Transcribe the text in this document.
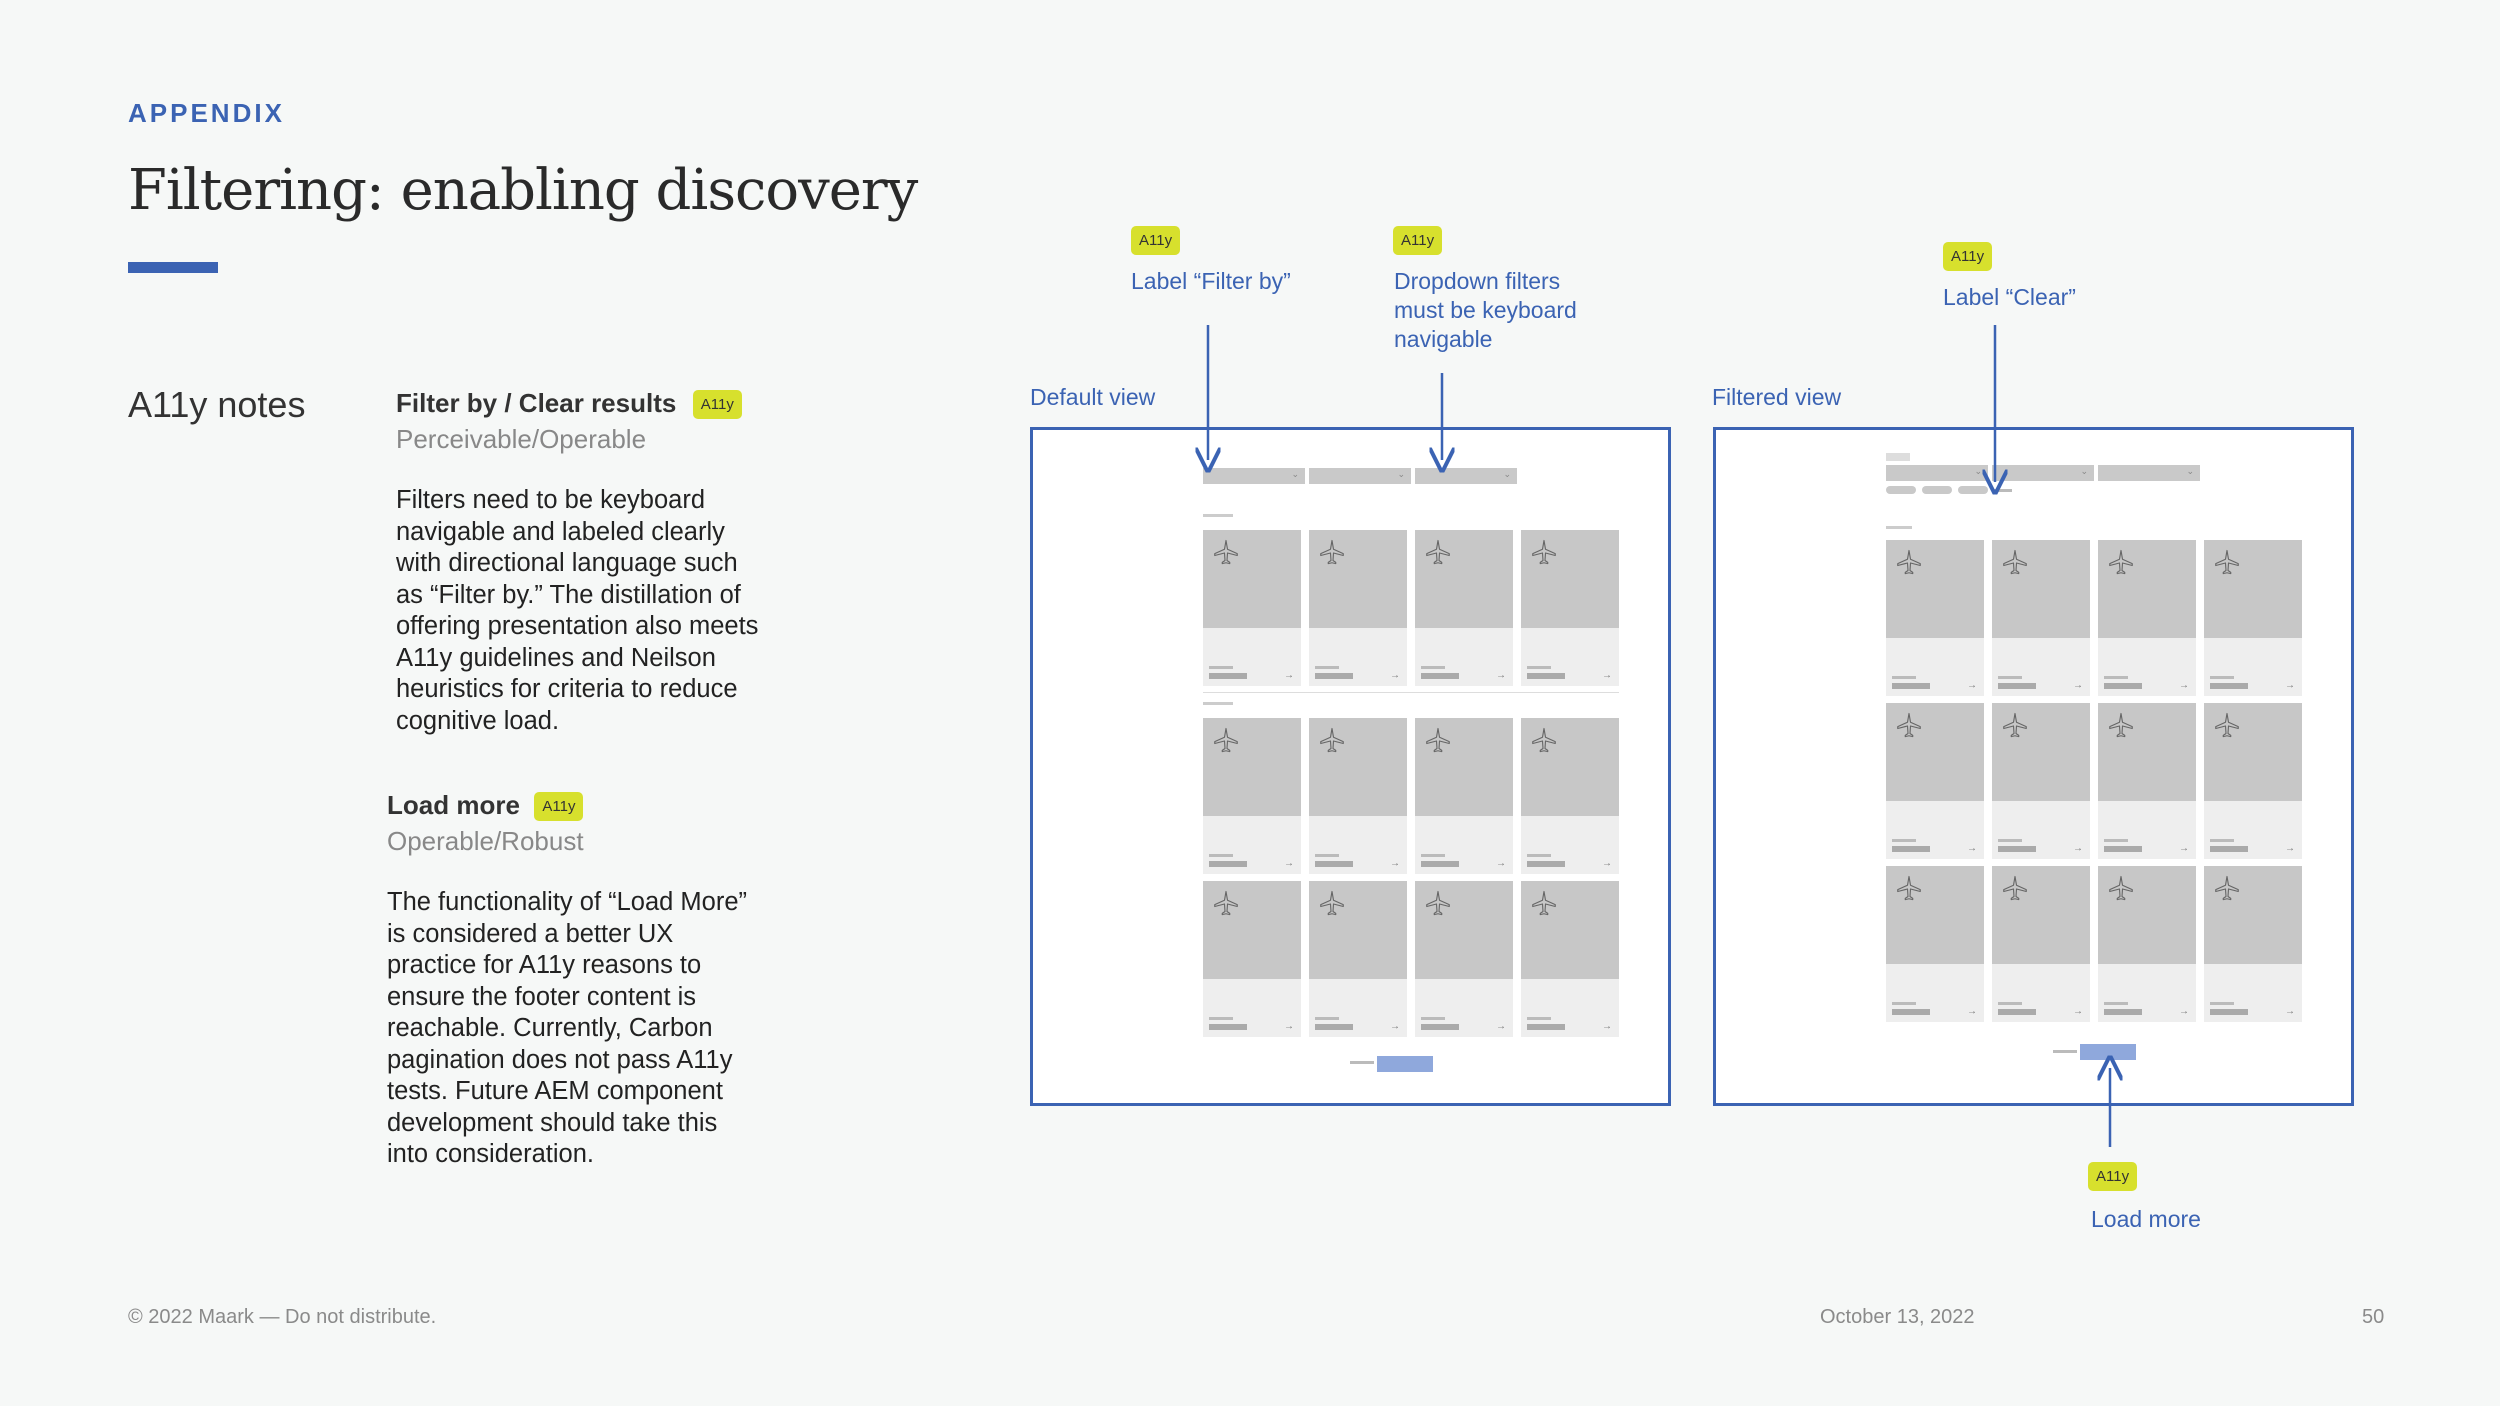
APPENDIX
Filtering: enabling discovery
A11y notes	Filter by / Clear results A11y
Perceivable/Operable
Filters need to be keyboard
navigable and labeled clearly
with directional language such
as “Filter by.” The distillation of
offering presentation also meets
A11y guidelines and Neilson
heuristics for criteria to reduce
cognitive load.
Load more A11y
Operable/Robust
The functionality of “Load More”
is considered a better UX
practice for A11y reasons to
ensure the footer content is
reachable. Currently, Carbon
pagination does not pass A11y
tests. Future AEM component
development should take this
into consideration.
A11y
Label “Filter by”
A11y
Dropdown filters
must be keyboard
navigable
A11y
Label “Clear”
A11y
Load more
Default view	Filtered view
⌄	⌄	⌄
→	→	→	→
→	→	→	→
→	→	→	→
⌄	⌄	⌄
→	→	→	→
→	→	→	→
→	→	→	→
© 2022 Maark — Do not distribute.	October 13, 2022	50
